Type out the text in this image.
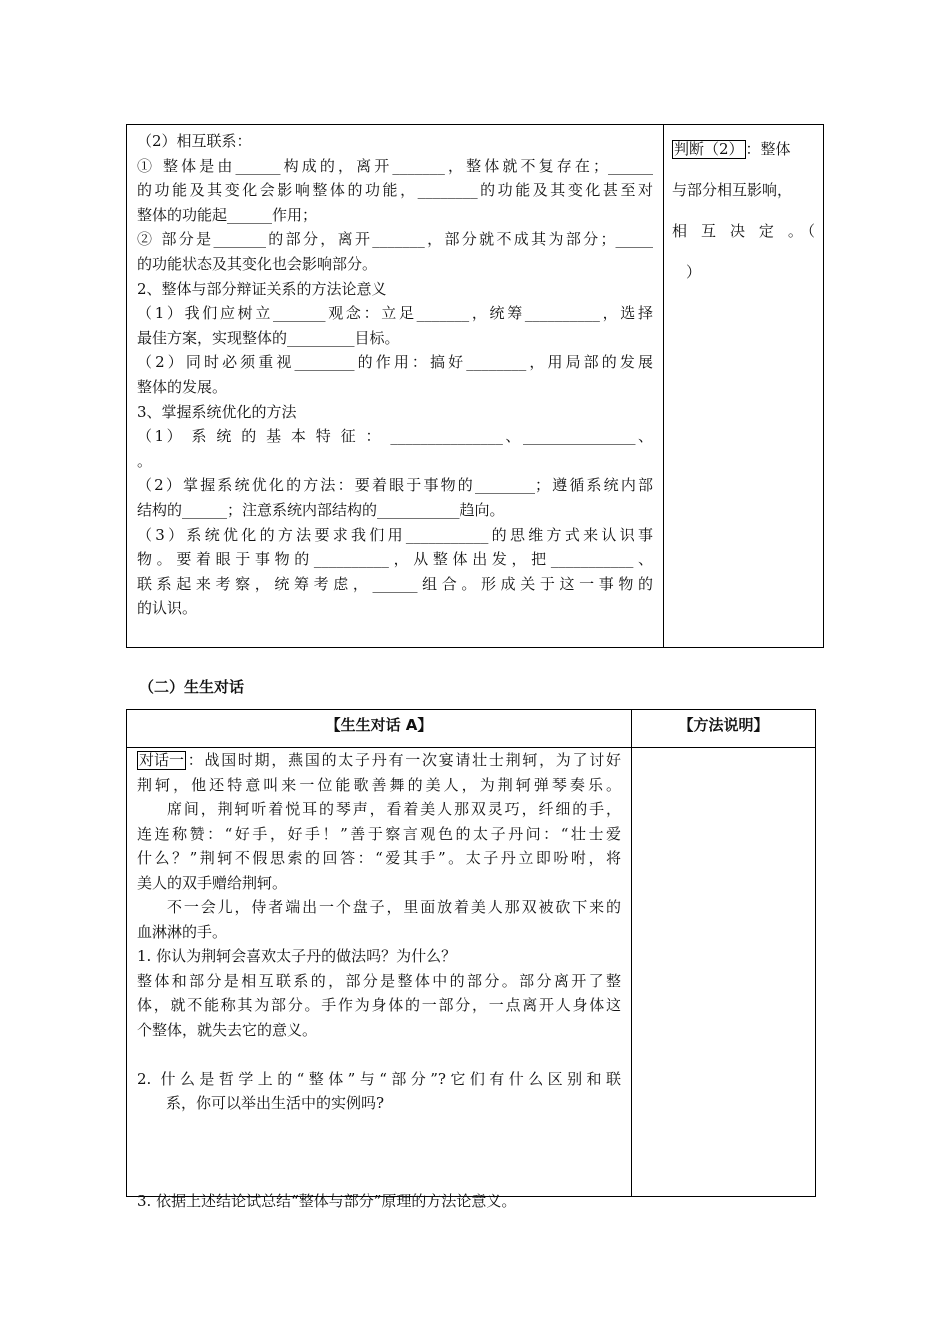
（2）相互联系：
① 整体是由______构成的，离开_______，整体就不复存在；______
的功能及其变化会影响整体的功能，________的功能及其变化甚至对
整体的功能起______作用；
② 部分是_______的部分，离开_______，部分就不成其为部分；_____
的功能状态及其变化也会影响部分。
2、整体与部分辩证关系的方法论意义
（1）我们应树立_______观念：立足_______，统筹__________，选择
最佳方案，实现整体的_________目标。
（2）同时必须重视________的作用：搞好________，用局部的发展
整体的发展。
3、掌握系统优化的方法
（1） 系 统 的 基 本 特 征 ： _______________、_______________、
。
（2）掌握系统优化的方法：要着眼于事物的________；遵循系统内部
结构的______；注意系统内部结构的___________趋向。
（3）系统优化的方法要求我们用___________的思维方式来认识事
物。要着眼于事物的__________，从整体出发，把___________、
联系起来考察，统筹考虑，______组合。形成关于这一事物的
的认识。
判断（2） ：整体
与部分相互影响，
相 互 决 定 。（
）
（二）生生对话
【生生对话 A】	【方法说明】
对话一 ：战国时期，燕国的太子丹有一次宴请壮士荆轲，为了讨好
荆轲，他还特意叫来一位能歌善舞的美人，为荆轲弹琴奏乐。
席间，荆轲听着悦耳的琴声，看着美人那双灵巧，纤细的手，
连连称赞：“好手，好手！”善于察言观色的太子丹问：“壮士爱
什么？”荆轲不假思索的回答：“爱其手”。太子丹立即吩咐，将
美人的双手赠给荆轲。
不一会儿，侍者端出一个盘子，里面放着美人那双被砍下来的
血淋淋的手。
1. 你认为荆轲会喜欢太子丹的做法吗？为什么？
整体和部分是相互联系的，部分是整体中的部分。部分离开了整
体，就不能称其为部分。手作为身体的一部分，一点离开人身体这
个整体，就失去它的意义。
2. 什么是哲学上的“整体”与“部分”?它们有什么区别和联
系，你可以举出生活中的实例吗?
3. 依据上述结论试总结“整体与部分”原理的方法论意义。
